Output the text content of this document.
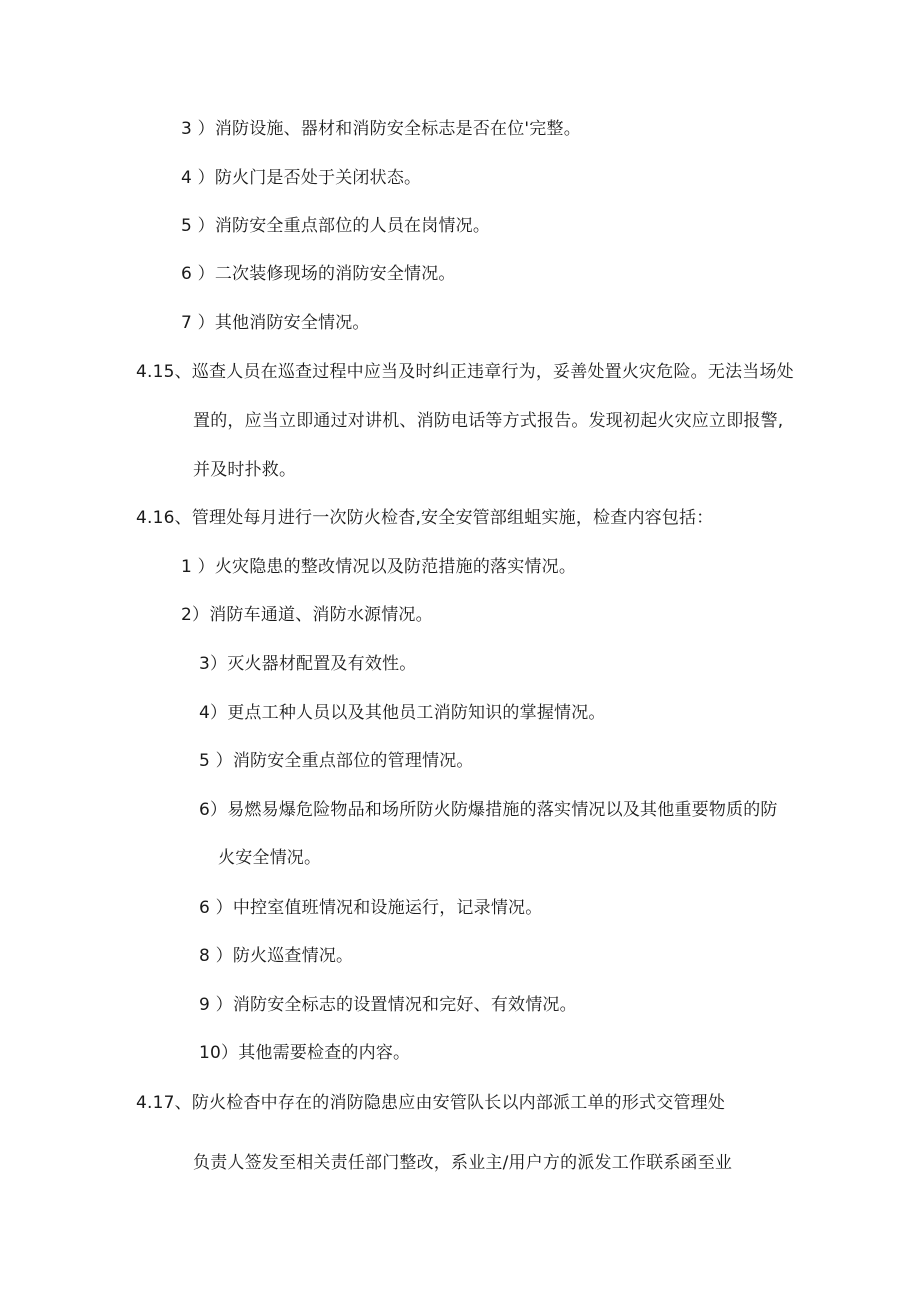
3 ）消防设施、器材和消防安全标志是否在位'完整。
4 ）防火门是否处于关闭状态。
5 ）消防安全重点部位的人员在岗情况。
6 ）二次装修现场的消防安全情况。
7 ）其他消防安全情况。
4.15、巡查人员在巡查过程中应当及时纠正违章行为，妥善处置火灾危险。无法当场处
置的，应当立即通过对讲机、消防电话等方式报告。发现初起火灾应立即报警,
并及时扑救。
4.16、管理处每月进行一次防火检杳,安全安管部组蛆实施，检查内容包括：
1 ）火灾隐患的整改情况以及防范措施的落实情况。
2）消防车通道、消防水源情况。
3）灭火器材配置及有效性。
4）更点工种人员以及其他员工消防知识的掌握情况。
5 ）消防安全重点部位的管理情况。
6）易燃易爆危险物品和场所防火防爆措施的落实情况以及其他重要物质的防
火安全情况。
6 ）中控室值班情况和设施运行，记录情况。
8 ）防火巡查情况。
9 ）消防安全标志的设置情况和完好、有效情况。
10）其他需要检查的内容。
4.17、防火检杳中存在的消防隐患应由安管队长以内部派工单的形式交管理处
负责人签发至相关责任部门整改，系业主/用户方的派发工作联系函至业
